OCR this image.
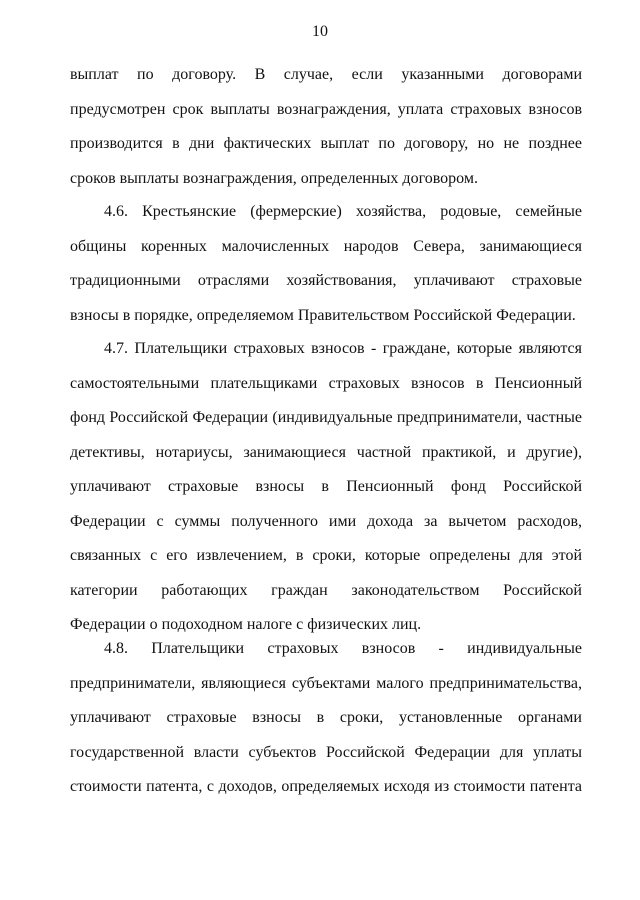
10
выплат по договору. В случае, если указанными договорами
предусмотрен срок выплаты вознаграждения, уплата страховых взносов
производится в дни фактических выплат по договору, но не позднее
сроков выплаты вознаграждения, определенных договором.
4.6. Крестьянские (фермерские) хозяйства, родовые, семейные
общины коренных малочисленных народов Севера, занимающиеся
традиционными отраслями хозяйствования, уплачивают страховые
взносы в порядке, определяемом Правительством Российской Федерации.
4.7. Плательщики страховых взносов - граждане, которые являются
самостоятельными плательщиками страховых взносов в Пенсионный
фонд Российской Федерации (индивидуальные предприниматели, частные
детективы, нотариусы, занимающиеся частной практикой, и другие),
уплачивают страховые взносы в Пенсионный фонд Российской
Федерации с суммы полученного ими дохода за вычетом расходов,
связанных с его извлечением, в сроки, которые определены для этой
категории работающих граждан законодательством Российской
Федерации о подоходном налоге с физических лиц.
4.8. Плательщики страховых взносов - индивидуальные
предприниматели, являющиеся субъектами малого предпринимательства,
уплачивают страховые взносы в сроки, установленные органами
государственной власти субъектов Российской Федерации для уплаты
стоимости патента, с доходов, определяемых исходя из стоимости патента
